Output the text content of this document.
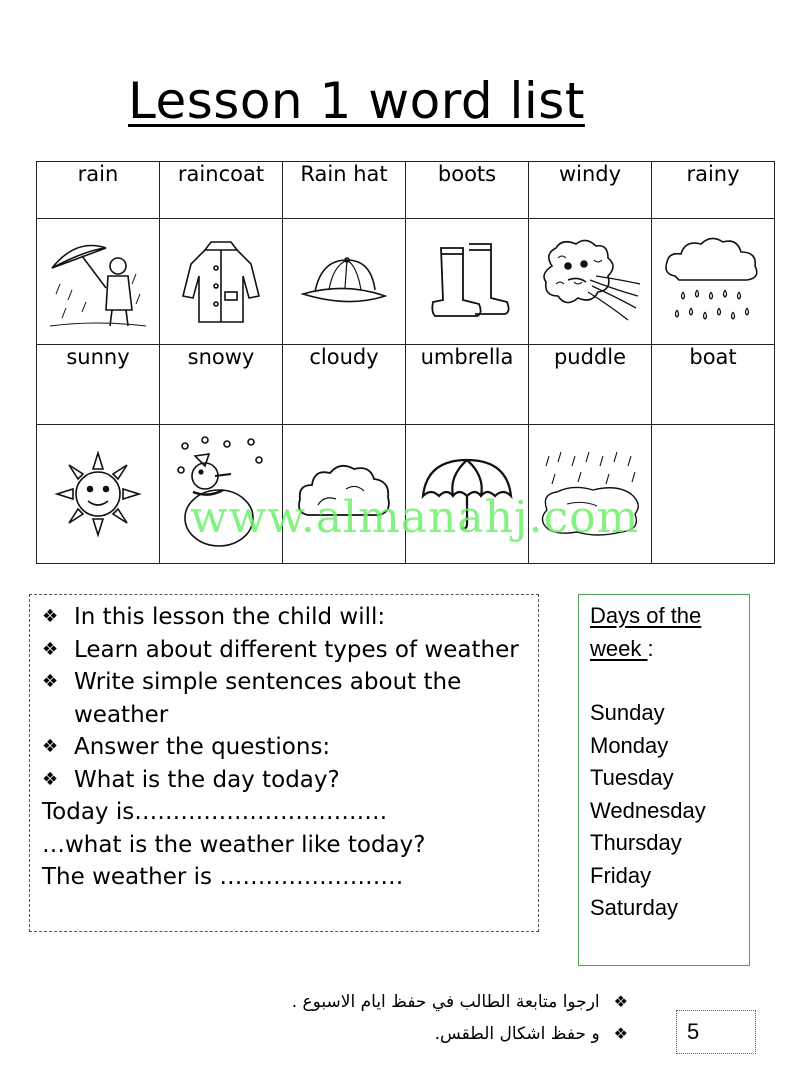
Lesson 1 word list
rain	raincoat	Rain hat	boots	windy	rainy

sunny	snowy	cloudy	umbrella	puddle	boat

www.almanahj.com
❖ In this lesson the child will:
❖ Learn about different types of weather
❖ Write simple sentences about the weather
❖ Answer the questions:
❖ What is the day today?
Today is……………………………
…what is the weather like today?
The weather is ……………………
Days of the week :
Sunday
Monday
Tuesday
Wednesday
Thursday
Friday
Saturday
❖ارجوا متابعة الطالب في حفظ ايام الاسبوع .
❖و حفظ اشكال الطقس.	5
